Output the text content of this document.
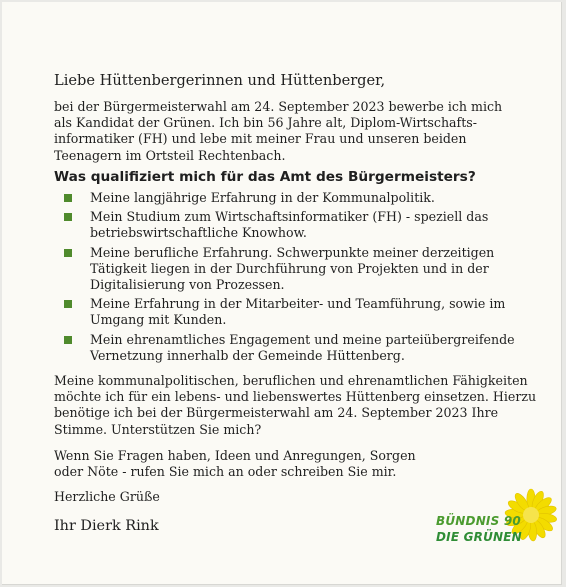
Liebe Hüttenbergerinnen und Hüttenberger,
bei der Bürgermeisterwahl am 24. September 2023 bewerbe ich mich
als Kandidat der Grünen. Ich bin 56 Jahre alt, Diplom-Wirtschafts-
informatiker (FH) und lebe mit meiner Frau und unseren beiden
Teenagern im Ortsteil Rechtenbach.
Was qualifiziert mich für das Amt des Bürgermeisters?
Meine langjährige Erfahrung in der Kommunalpolitik.
Mein Studium zum Wirtschaftsinformatiker (FH) - speziell das
betriebswirtschaftliche Knowhow.
Meine berufliche Erfahrung. Schwerpunkte meiner derzeitigen
Tätigkeit liegen in der Durchführung von Projekten und in der
Digitalisierung von Prozessen.
Meine Erfahrung in der Mitarbeiter- und Teamführung, sowie im
Umgang mit Kunden.
Mein ehrenamtliches Engagement und meine parteiübergreifende
Vernetzung innerhalb der Gemeinde Hüttenberg.
Meine kommunalpolitischen, beruflichen und ehrenamtlichen Fähigkeiten
möchte ich für ein lebens- und liebenswertes Hüttenberg einsetzen. Hierzu
benötige ich bei der Bürgermeisterwahl am 24. September 2023 Ihre
Stimme. Unterstützen Sie mich?
Wenn Sie Fragen haben, Ideen und Anregungen, Sorgen
oder Nöte - rufen Sie mich an oder schreiben Sie mir.
Herzliche Grüße
Ihr Dierk Rink	BÜNDNIS 90
DIE GRÜNEN
